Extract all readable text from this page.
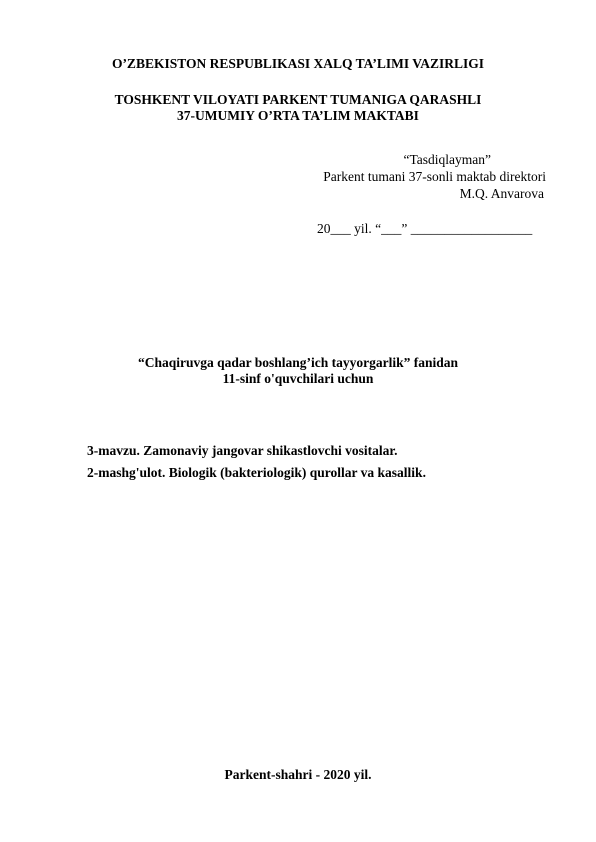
O’ZBEKISTON RESPUBLIKASI XALQ TA’LIMI VAZIRLIGI
TOSHKENT VILOYATI PARKENT TUMANIGA QARASHLI
37-UMUMIY O’RTA TA’LIM MAKTABI
“Tasdiqlayman”
Parkent tumani 37-sonli maktab direktori
M.Q. Anvarova
20___ yil. “___” __________________
“Chaqiruvga qadar boshlang’ich tayyorgarlik” fanidan
11-sinf o'quvchilari uchun
3-mavzu. Zamonaviy jangovar shikastlovchi vositalar.
2-mashg'ulot. Biologik (bakteriologik) qurollar va kasallik.
Parkent-shahri - 2020 yil.
